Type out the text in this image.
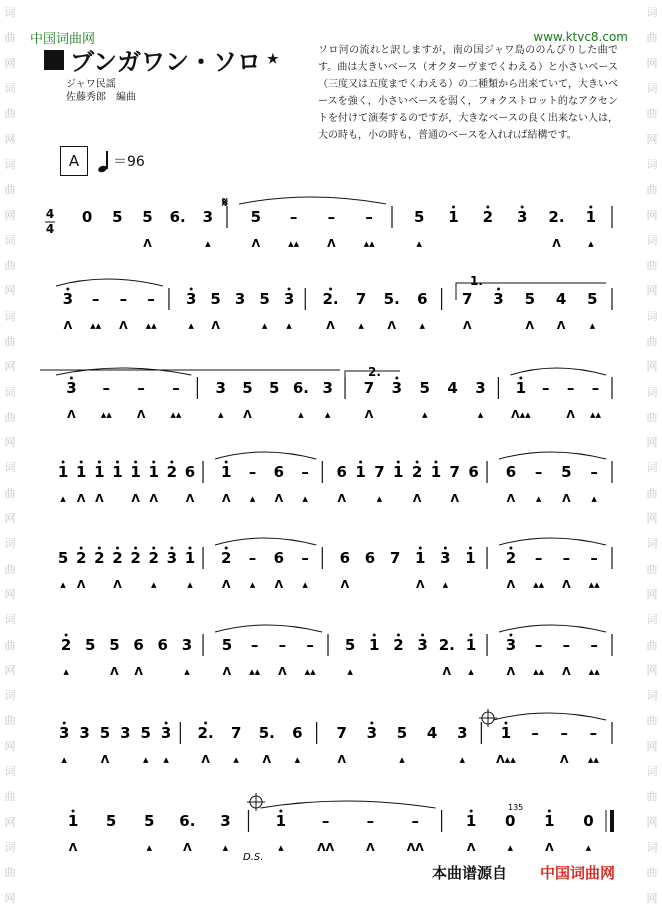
词
曲
网
词
曲
网
词
曲
网
词
曲
网
词
曲
网
词
曲
网
词
曲
网
词
曲
网
词
曲
网
词
曲
网
词
曲
网
词
曲
网
词
曲
网
词
曲
网
词
曲
网
词
曲
网
词
曲
网
词
曲
网
词
曲
网
词
曲
网
词
曲
网
词
曲
网
词
曲
网
词
曲
网
中国词曲网	www.ktvc8.com
ブンガワン・ソロ ★
ジャワ民謡
佐藤秀郎　編曲
ソロ河の流れと訳しますが，南の国ジャワ島ののんびりした曲です。曲は大きいベース（オクターヴまでくわえる）と小さいベース（三度又は五度までくわえる）の二種類から出来ていて，大きいベースを強く，小さいベースを弱く，フォクストロット的なアクセントを付けて演奏するのですが，大きなベースの良く出来ない人は，大の時も，小の時も，普通のベースを入れれば結構です。
A	＝96
4
4
0 5 5
Λ
6. 3
▴
5
Λ
–
▴▴
–
Λ
–
▴▴
5
▴
1 2 3 2.
Λ
1
▴
3
Λ
–
▴▴
–
Λ
–
▴▴
3
▴
5
Λ
3 5
▴
3
▴
2.
Λ
7
▴
5.
Λ
6
▴
7
Λ
3 5
Λ
4
Λ
5
▴
3
Λ
–
▴▴
–
Λ
–
▴▴
3
▴
5
Λ
5 6.
▴
3
▴
7
Λ
3 5
▴
4 3
▴
1
Λ▴▴
– –
Λ
–
▴▴
1
▴
1
Λ
1
Λ
1 1
Λ
1
Λ
2 6
Λ
1
Λ
–
▴
6
Λ
–
▴
6
Λ
1 7
▴
1 2
Λ
1 7
Λ
6 6
Λ
–
▴
5
Λ
–
▴
5
▴
2
Λ
2 2
Λ
2 2
▴
3 1
▴
2
Λ
–
▴
6
Λ
–
▴
6
Λ
6 7 1
Λ
3
▴
1 2
Λ
–
▴▴
–
Λ
–
▴▴
2
▴
5 5
Λ
6
Λ
6 3
▴
5
Λ
–
▴▴
–
Λ
–
▴▴
5
▴
1 2 3 2.
Λ
1
▴
3
Λ
–
▴▴
–
Λ
–
▴▴
3
▴
3 5
Λ
3 5
▴
3
▴
2.
Λ
7
▴
5.
Λ
6
▴
7
Λ
3 5
▴
4 3
▴
1
Λ▴▴
– –
Λ
–
▴▴
1
Λ
5 5
▴
6.
Λ
3
▴
1
▴
–
ΛΛ
–
Λ
–
ΛΛ
1
Λ
0
▴
1
Λ
0
▴
1.
2.
D.S.
135
𝄋
本曲谱源自 中国词曲网
